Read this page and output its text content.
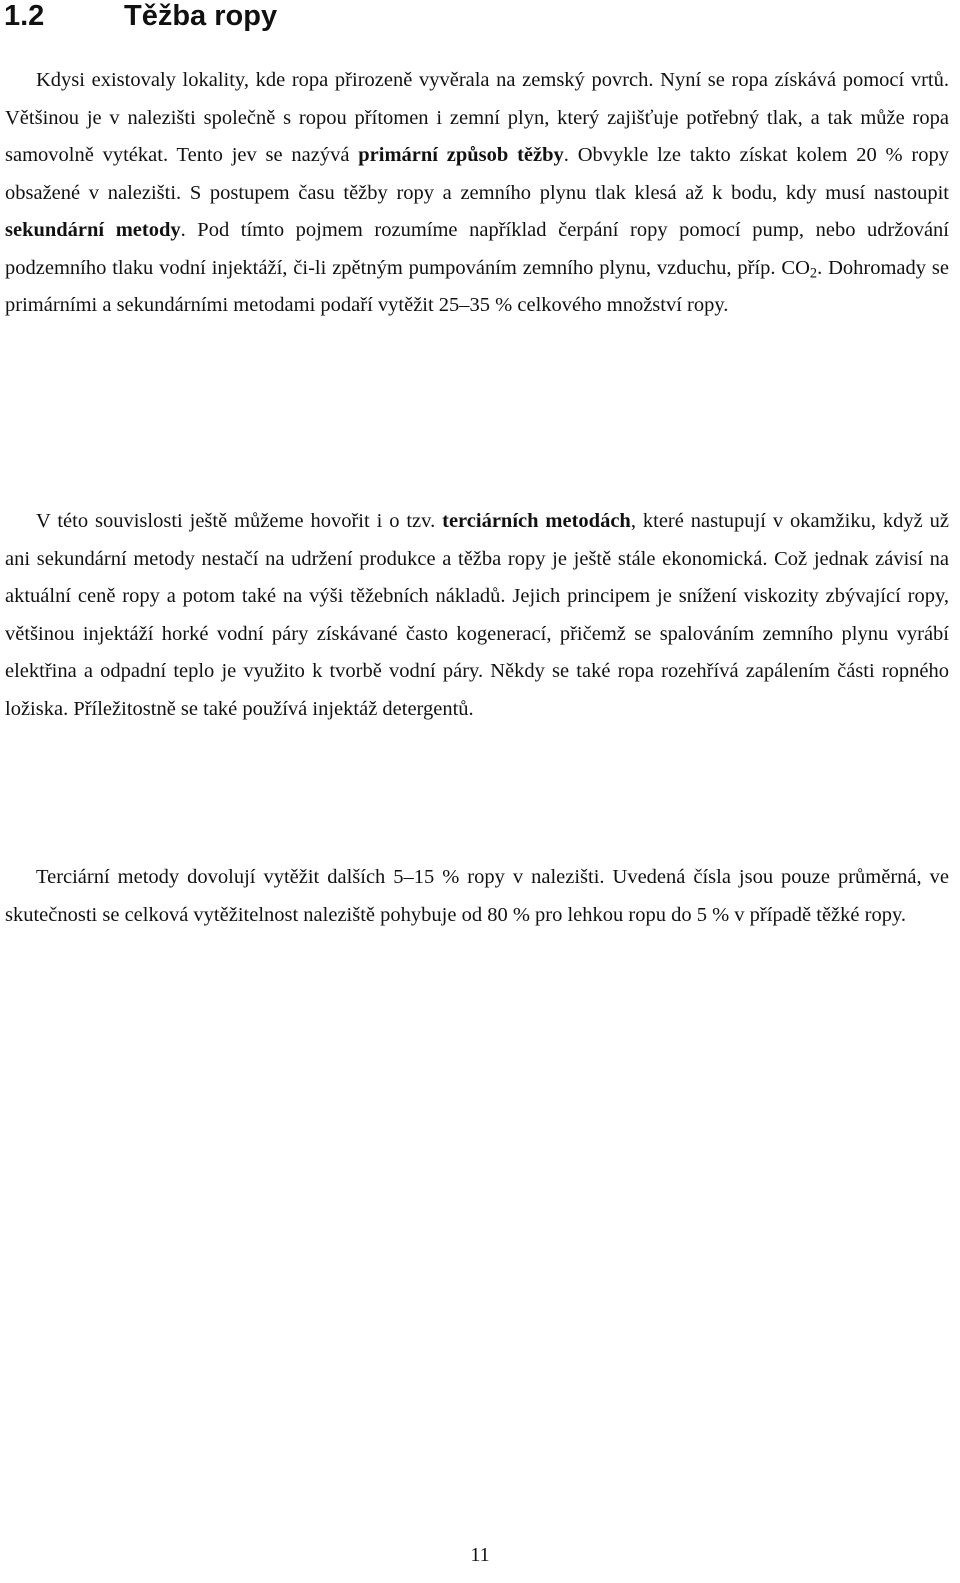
1.2	Těžba ropy

Kdysi existovaly lokality, kde ropa přirozeně vyvěrala na zemský povrch. Nyní se ropa získává pomocí vrtů. Většinou je v nalezišti společně s ropou přítomen i zemní plyn, který zajišťuje potřebný tlak, a tak může ropa samovolně vytékat. Tento jev se nazývá primární způsob těžby. Obvykle lze takto získat kolem 20 % ropy obsažené v nalezišti. S postupem času těžby ropy a zemního plynu tlak klesá až k bodu, kdy musí nastoupit sekundární metody. Pod tímto pojmem rozumíme například čerpání ropy pomocí pump, nebo udržování podzemního tlaku vodní injektáží, či-li zpětným pumpováním zemního plynu, vzduchu, příp. $CO_2$. Dohromady se primárními a sekundárními metodami podaří vytěžit 25–35 % celkového množství ropy.

V této souvislosti ještě můžeme hovořit i o tzv. terciárních metodách, které nastupují v okamžiku, když už ani sekundární metody nestačí na udržení produkce a těžba ropy je ještě stále ekonomická. Což jednak závisí na aktuální ceně ropy a potom také na výši těžebních nákladů. Jejich principem je snížení viskozity zbývající ropy, většinou injektáží horké vodní páry získávané často kogenerací, přičemž se spalováním zemního plynu vyrábí elektřina a odpadní teplo je využito k tvorbě vodní páry. Někdy se také ropa rozehřívá zapálením části ropného ložiska. Příležitostně se také používá injektáž detergentů.

Terciární metody dovolují vytěžit dalších 5–15 % ropy v nalezišti. Uvedená čísla jsou pouze průměrná, ve skutečnosti se celková vytěžitelnost naleziště pohybuje od 80 % pro lehkou ropu do 5 % v případě těžké ropy.

11
